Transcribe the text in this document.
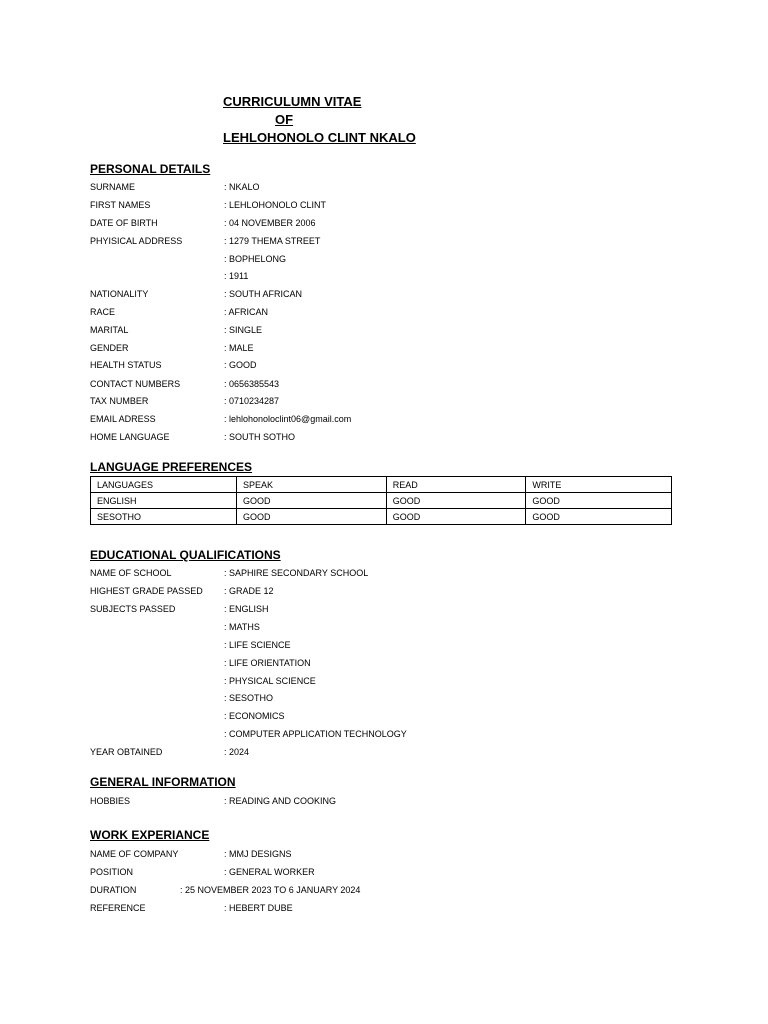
CURRICULUMN VITAE
OF
LEHLOHONOLO CLINT NKALO
PERSONAL DETAILS
SURNAME	: NKALO
FIRST NAMES	: LEHLOHONOLO CLINT
DATE OF BIRTH	: 04 NOVEMBER 2006
PHYISICAL ADDRESS	: 1279 THEMA STREET
: BOPHELONG
: 1911
NATIONALITY	: SOUTH AFRICAN
RACE	: AFRICAN
MARITAL	: SINGLE
GENDER	: MALE
HEALTH STATUS	: GOOD
CONTACT NUMBERS	: 0656385543
TAX NUMBER	: 0710234287
EMAIL ADRESS	: lehlohonoloclint06@gmail.com
HOME LANGUAGE	: SOUTH SOTHO
LANGUAGE PREFERENCES
LANGUAGES	SPEAK	READ	WRITE
ENGLISH	GOOD	GOOD	GOOD
SESOTHO	GOOD	GOOD	GOOD
EDUCATIONAL QUALIFICATIONS
NAME OF SCHOOL	: SAPHIRE SECONDARY SCHOOL
HIGHEST GRADE PASSED : GRADE 12
SUBJECTS PASSED	: ENGLISH
: MATHS
: LIFE SCIENCE
: LIFE ORIENTATION
: PHYSICAL SCIENCE
: SESOTHO
: ECONOMICS
: COMPUTER APPLICATION TECHNOLOGY
YEAR OBTAINED	: 2024
GENERAL INFORMATION
HOBBIES	: READING AND COOKING
WORK EXPERIANCE
NAME OF COMPANY	: MMJ DESIGNS
POSITION	: GENERAL WORKER
DURATION	: 25 NOVEMBER 2023 TO 6 JANUARY 2024
REFERENCE	: HEBERT DUBE
